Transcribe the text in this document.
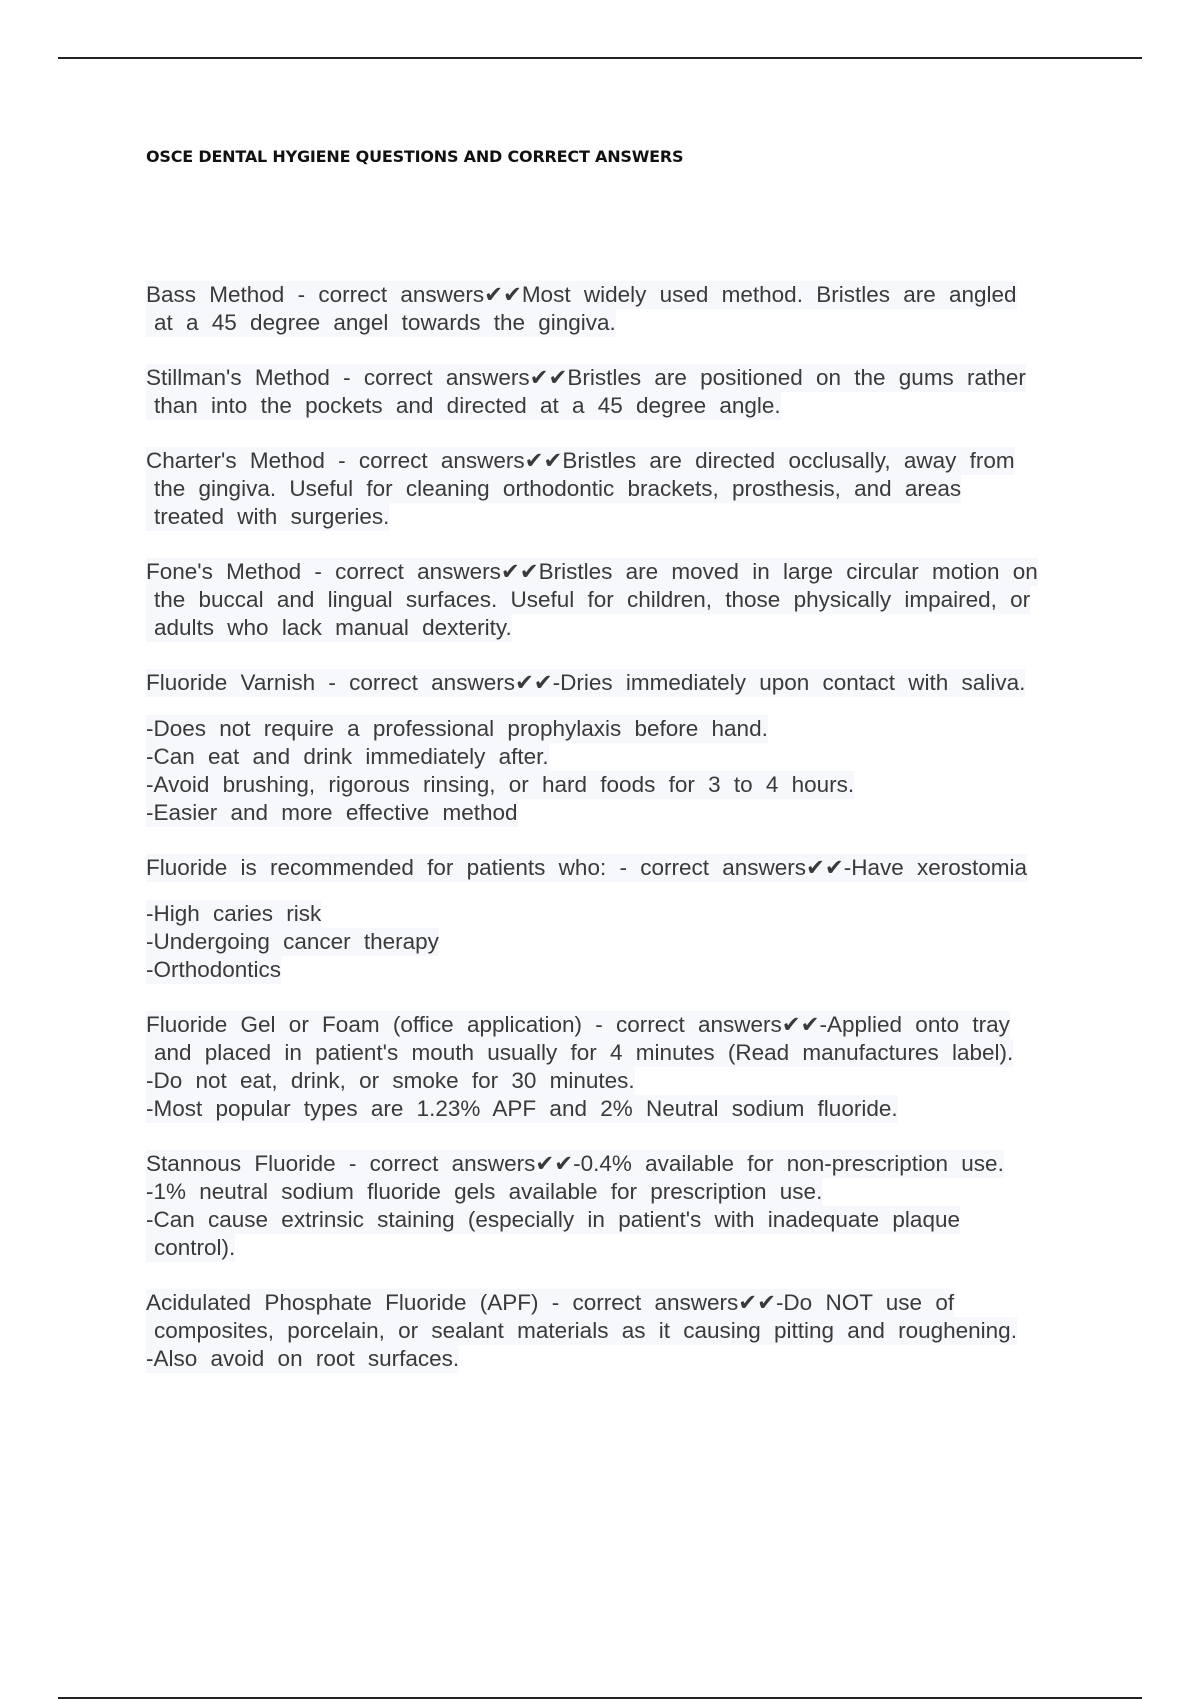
OSCE DENTAL HYGIENE QUESTIONS AND CORRECT ANSWERS
Bass Method - correct answers✔✔Most widely used method. Bristles are angled
at a 45 degree angel towards the gingiva.
Stillman's Method - correct answers✔✔Bristles are positioned on the gums rather
than into the pockets and directed at a 45 degree angle.
Charter's Method - correct answers✔✔Bristles are directed occlusally, away from
the gingiva. Useful for cleaning orthodontic brackets, prosthesis, and areas
treated with surgeries.
Fone's Method - correct answers✔✔Bristles are moved in large circular motion on
the buccal and lingual surfaces. Useful for children, those physically impaired, or
adults who lack manual dexterity.
Fluoride Varnish - correct answers✔✔-Dries immediately upon contact with saliva.
-Does not require a professional prophylaxis before hand.
-Can eat and drink immediately after.
-Avoid brushing, rigorous rinsing, or hard foods for 3 to 4 hours.
-Easier and more effective method
Fluoride is recommended for patients who: - correct answers✔✔-Have xerostomia
-High caries risk
-Undergoing cancer therapy
-Orthodontics
Fluoride Gel or Foam (office application) - correct answers✔✔-Applied onto tray
and placed in patient's mouth usually for 4 minutes (Read manufactures label).
-Do not eat, drink, or smoke for 30 minutes.
-Most popular types are 1.23% APF and 2% Neutral sodium fluoride.
Stannous Fluoride - correct answers✔✔-0.4% available for non-prescription use.
-1% neutral sodium fluoride gels available for prescription use.
-Can cause extrinsic staining (especially in patient's with inadequate plaque
control).
Acidulated Phosphate Fluoride (APF) - correct answers✔✔-Do NOT use of
composites, porcelain, or sealant materials as it causing pitting and roughening.
-Also avoid on root surfaces.
